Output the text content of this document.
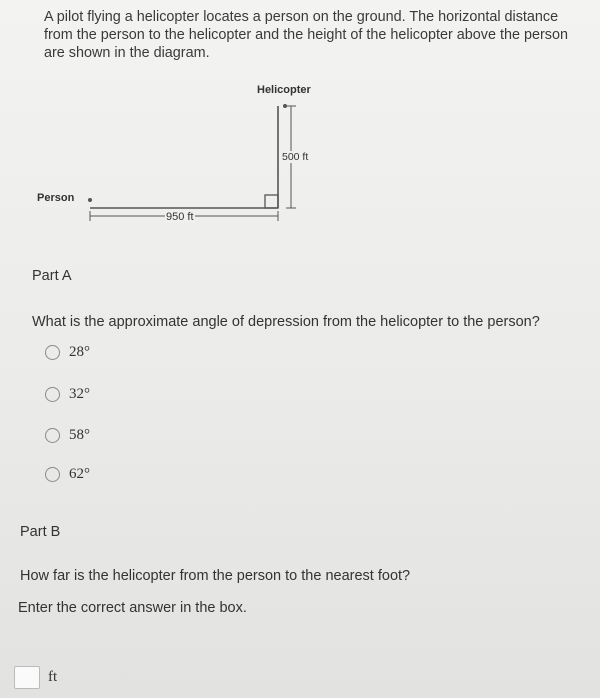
A pilot flying a helicopter locates a person on the ground. The horizontal distance
from the person to the helicopter and the height of the helicopter above the person
are shown in the diagram.
Helicopter
Person
950 ft
500 ft
Part A
What is the approximate angle of depression from the helicopter to the person?
28°
32°
58°
62°
Part B
How far is the helicopter from the person to the nearest foot?
Enter the correct answer in the box.
ft
